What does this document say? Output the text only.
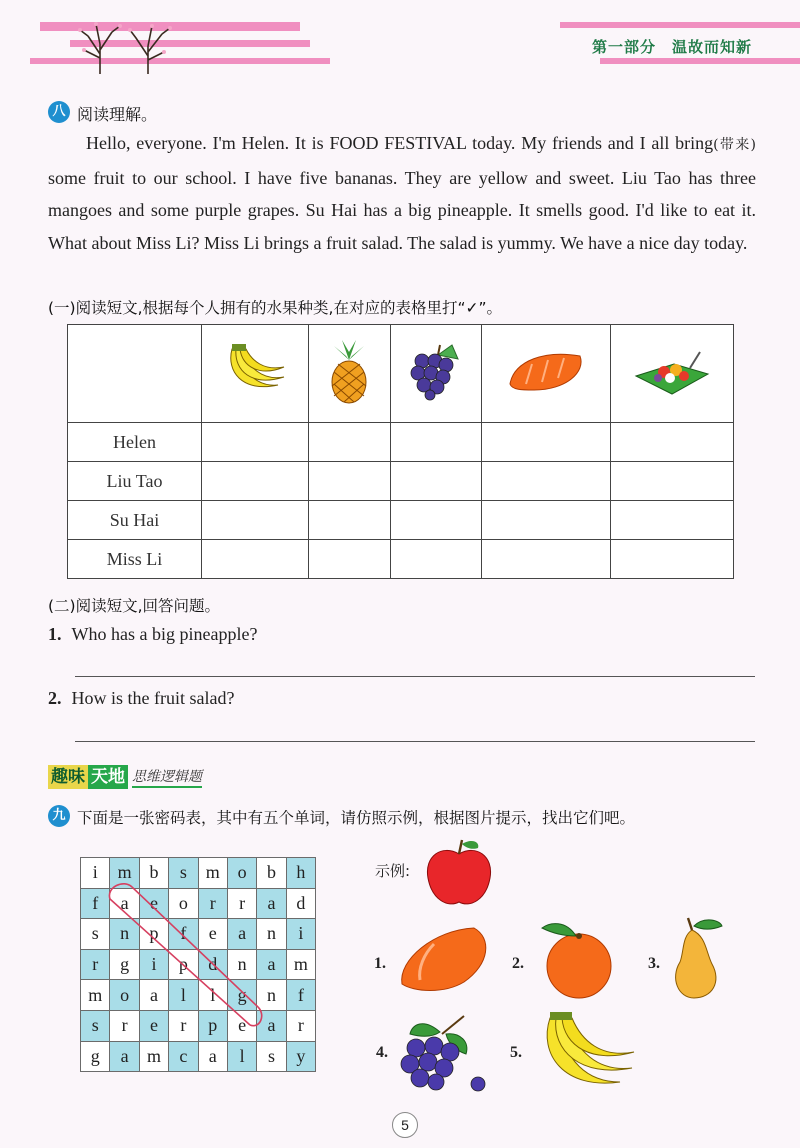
第一部分　温故而知新
八 阅读理解。

Hello, everyone. I'm Helen. It is FOOD FESTIVAL today. My friends and I all bring(带来) some fruit to our school. I have five bananas. They are yellow and sweet. Liu Tao has three mangoes and some purple grapes. Su Hai has a big pineapple. It smells good. I'd like to eat it. What about Miss Li? Miss Li brings a fruit salad. The salad is yummy. We have a nice day today.

(一)阅读短文,根据每个人拥有的水果种类,在对应的表格里打“✓”。

Helen					
Liu Tao					
Su Hai					
Miss Li					
(二)阅读短文,回答问题。
1. Who has a big pineapple?
2. How is the fruit salad?
趣味 天地 思维逻辑题
九 下面是一张密码表，其中有五个单词，请仿照示例，根据图片提示，找出它们吧。
i	m	b	s	m	o	b	h
f	a	e	o	r	r	a	d
s	n	p	f	e	a	n	i
r	g	i	p	d	n	a	m
m	o	a	l	l	g	n	f
s	r	e	r	p	e	a	r
g	a	m	c	a	l	s	y
示例:
1.	2.	3.
4.	5.
5
